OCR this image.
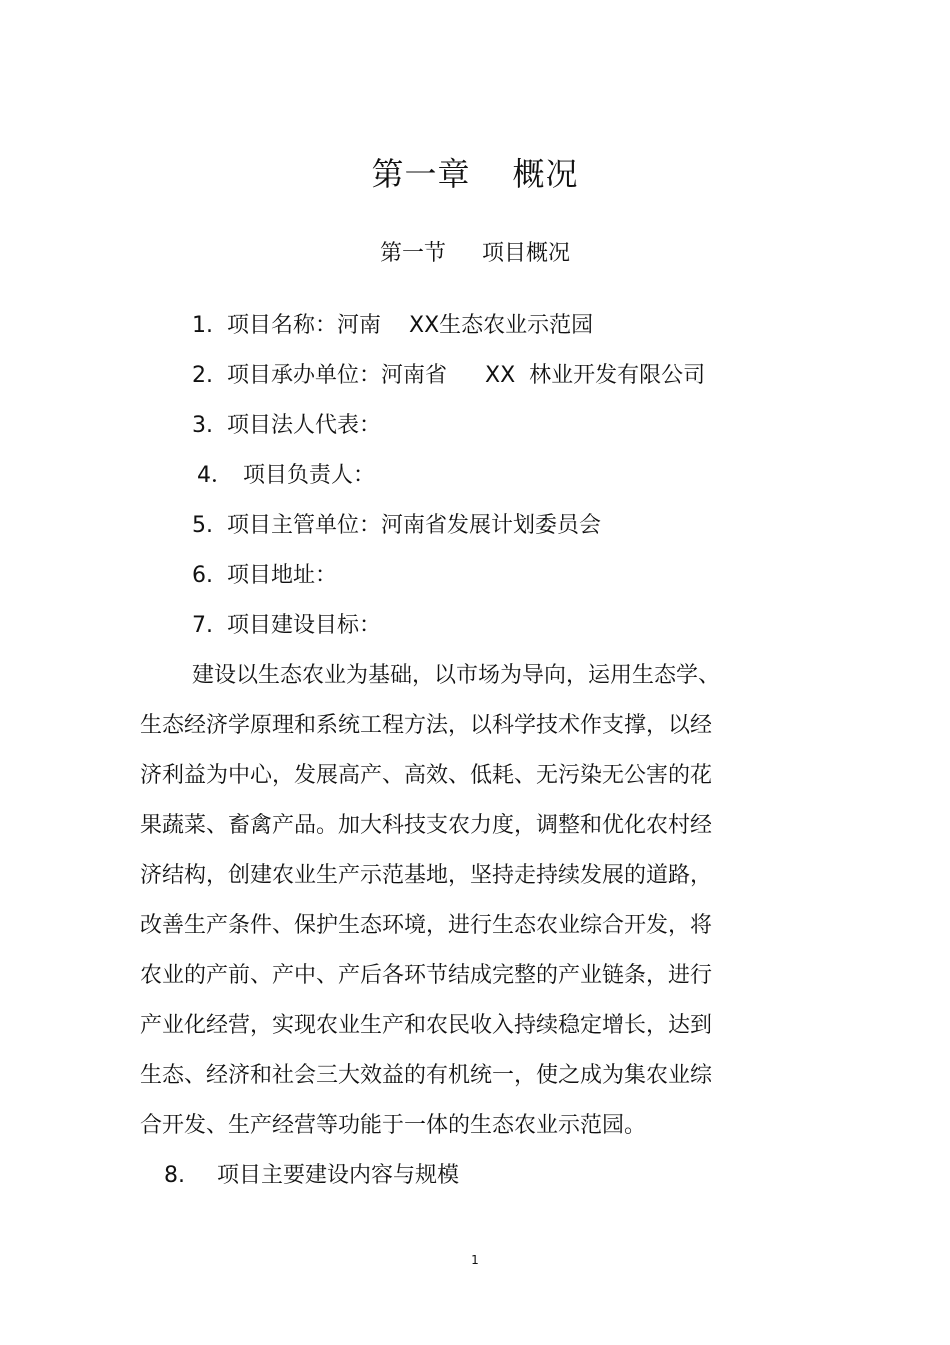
第一章 概况
第一节 项目概况
1. 项目名称：河南 XX生态农业示范园
2. 项目承办单位：河南省 XX 林业开发有限公司
3. 项目法人代表：
4． 项目负责人：
5. 项目主管单位：河南省发展计划委员会
6. 项目地址：
7. 项目建设目标：
建设以生态农业为基础，以市场为导向，运用生态学、
生态经济学原理和系统工程方法，以科学技术作支撑，以经
济利益为中心，发展高产、高效、低耗、无污染无公害的花
果蔬菜、畜禽产品。加大科技支农力度，调整和优化农村经
济结构，创建农业生产示范基地，坚持走持续发展的道路，
改善生产条件、保护生态环境，进行生态农业综合开发，将
农业的产前、产中、产后各环节结成完整的产业链条，进行
产业化经营，实现农业生产和农民收入持续稳定增长，达到
生态、经济和社会三大效益的有机统一，使之成为集农业综
合开发、生产经营等功能于一体的生态农业示范园。
8. 项目主要建设内容与规模
1
